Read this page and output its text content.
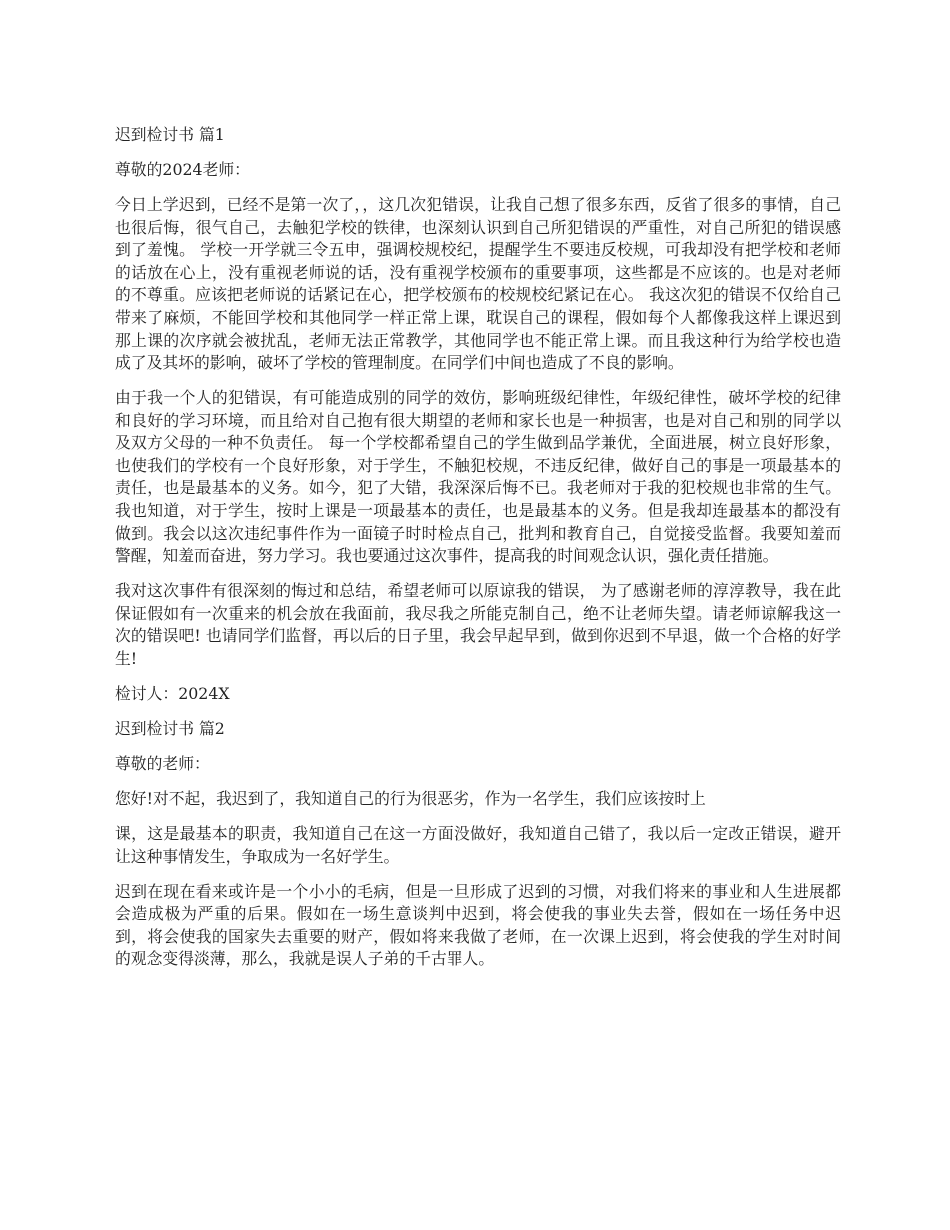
迟到检讨书 篇1

尊敬的2024老师：

今日上学迟到，已经不是第一次了，，这几次犯错误，让我自己想了很多东西，反省了很多的事情，自己也很后悔，很气自己，去触犯学校的铁律，也深刻认识到自己所犯错误的严重性，对自己所犯的错误感到了羞愧。 学校一开学就三令五申，强调校规校纪，提醒学生不要违反校规，可我却没有把学校和老师的话放在心上，没有重视老师说的话，没有重视学校颁布的重要事项，这些都是不应该的。也是对老师的不尊重。应该把老师说的话紧记在心，把学校颁布的校规校纪紧记在心。 我这次犯的错误不仅给自己带来了麻烦，不能回学校和其他同学一样正常上课，耽误自己的课程，假如每个人都像我这样上课迟到那上课的次序就会被扰乱，老师无法正常教学，其他同学也不能正常上课。而且我这种行为给学校也造成了及其坏的影响，破坏了学校的管理制度。在同学们中间也造成了不良的影响。

由于我一个人的犯错误，有可能造成别的同学的效仿，影响班级纪律性，年级纪律性，破坏学校的纪律和良好的学习环境，而且给对自己抱有很大期望的老师和家长也是一种损害，也是对自己和别的同学以及双方父母的一种不负责任。 每一个学校都希望自己的学生做到品学兼优，全面进展，树立良好形象，也使我们的学校有一个良好形象，对于学生，不触犯校规，不违反纪律，做好自己的事是一项最基本的责任，也是最基本的义务。如今，犯了大错，我深深后悔不已。我老师对于我的犯校规也非常的生气。我也知道，对于学生，按时上课是一项最基本的责任，也是最基本的义务。但是我却连最基本的都没有做到。我会以这次违纪事件作为一面镜子时时检点自己，批判和教育自己，自觉接受监督。我要知羞而警醒，知羞而奋进，努力学习。我也要通过这次事件，提高我的时间观念认识，强化责任措施。

我对这次事件有很深刻的悔过和总结，希望老师可以原谅我的错误， 为了感谢老师的淳淳教导，我在此保证假如有一次重来的机会放在我面前，我尽我之所能克制自己，绝不让老师失望。请老师谅解我这一次的错误吧! 也请同学们监督，再以后的日子里，我会早起早到，做到你迟到不早退，做一个合格的好学生!

检讨人：2024X

迟到检讨书 篇2

尊敬的老师：

您好!对不起，我迟到了，我知道自己的行为很恶劣，作为一名学生，我们应该按时上

课，这是最基本的职责，我知道自己在这一方面没做好，我知道自己错了，我以后一定改正错误，避开让这种事情发生，争取成为一名好学生。

迟到在现在看来或许是一个小小的毛病，但是一旦形成了迟到的习惯，对我们将来的事业和人生进展都会造成极为严重的后果。假如在一场生意谈判中迟到，将会使我的事业失去誉，假如在一场任务中迟到，将会使我的国家失去重要的财产，假如将来我做了老师，在一次课上迟到，将会使我的学生对时间的观念变得淡薄，那么，我就是误人子弟的千古罪人。
